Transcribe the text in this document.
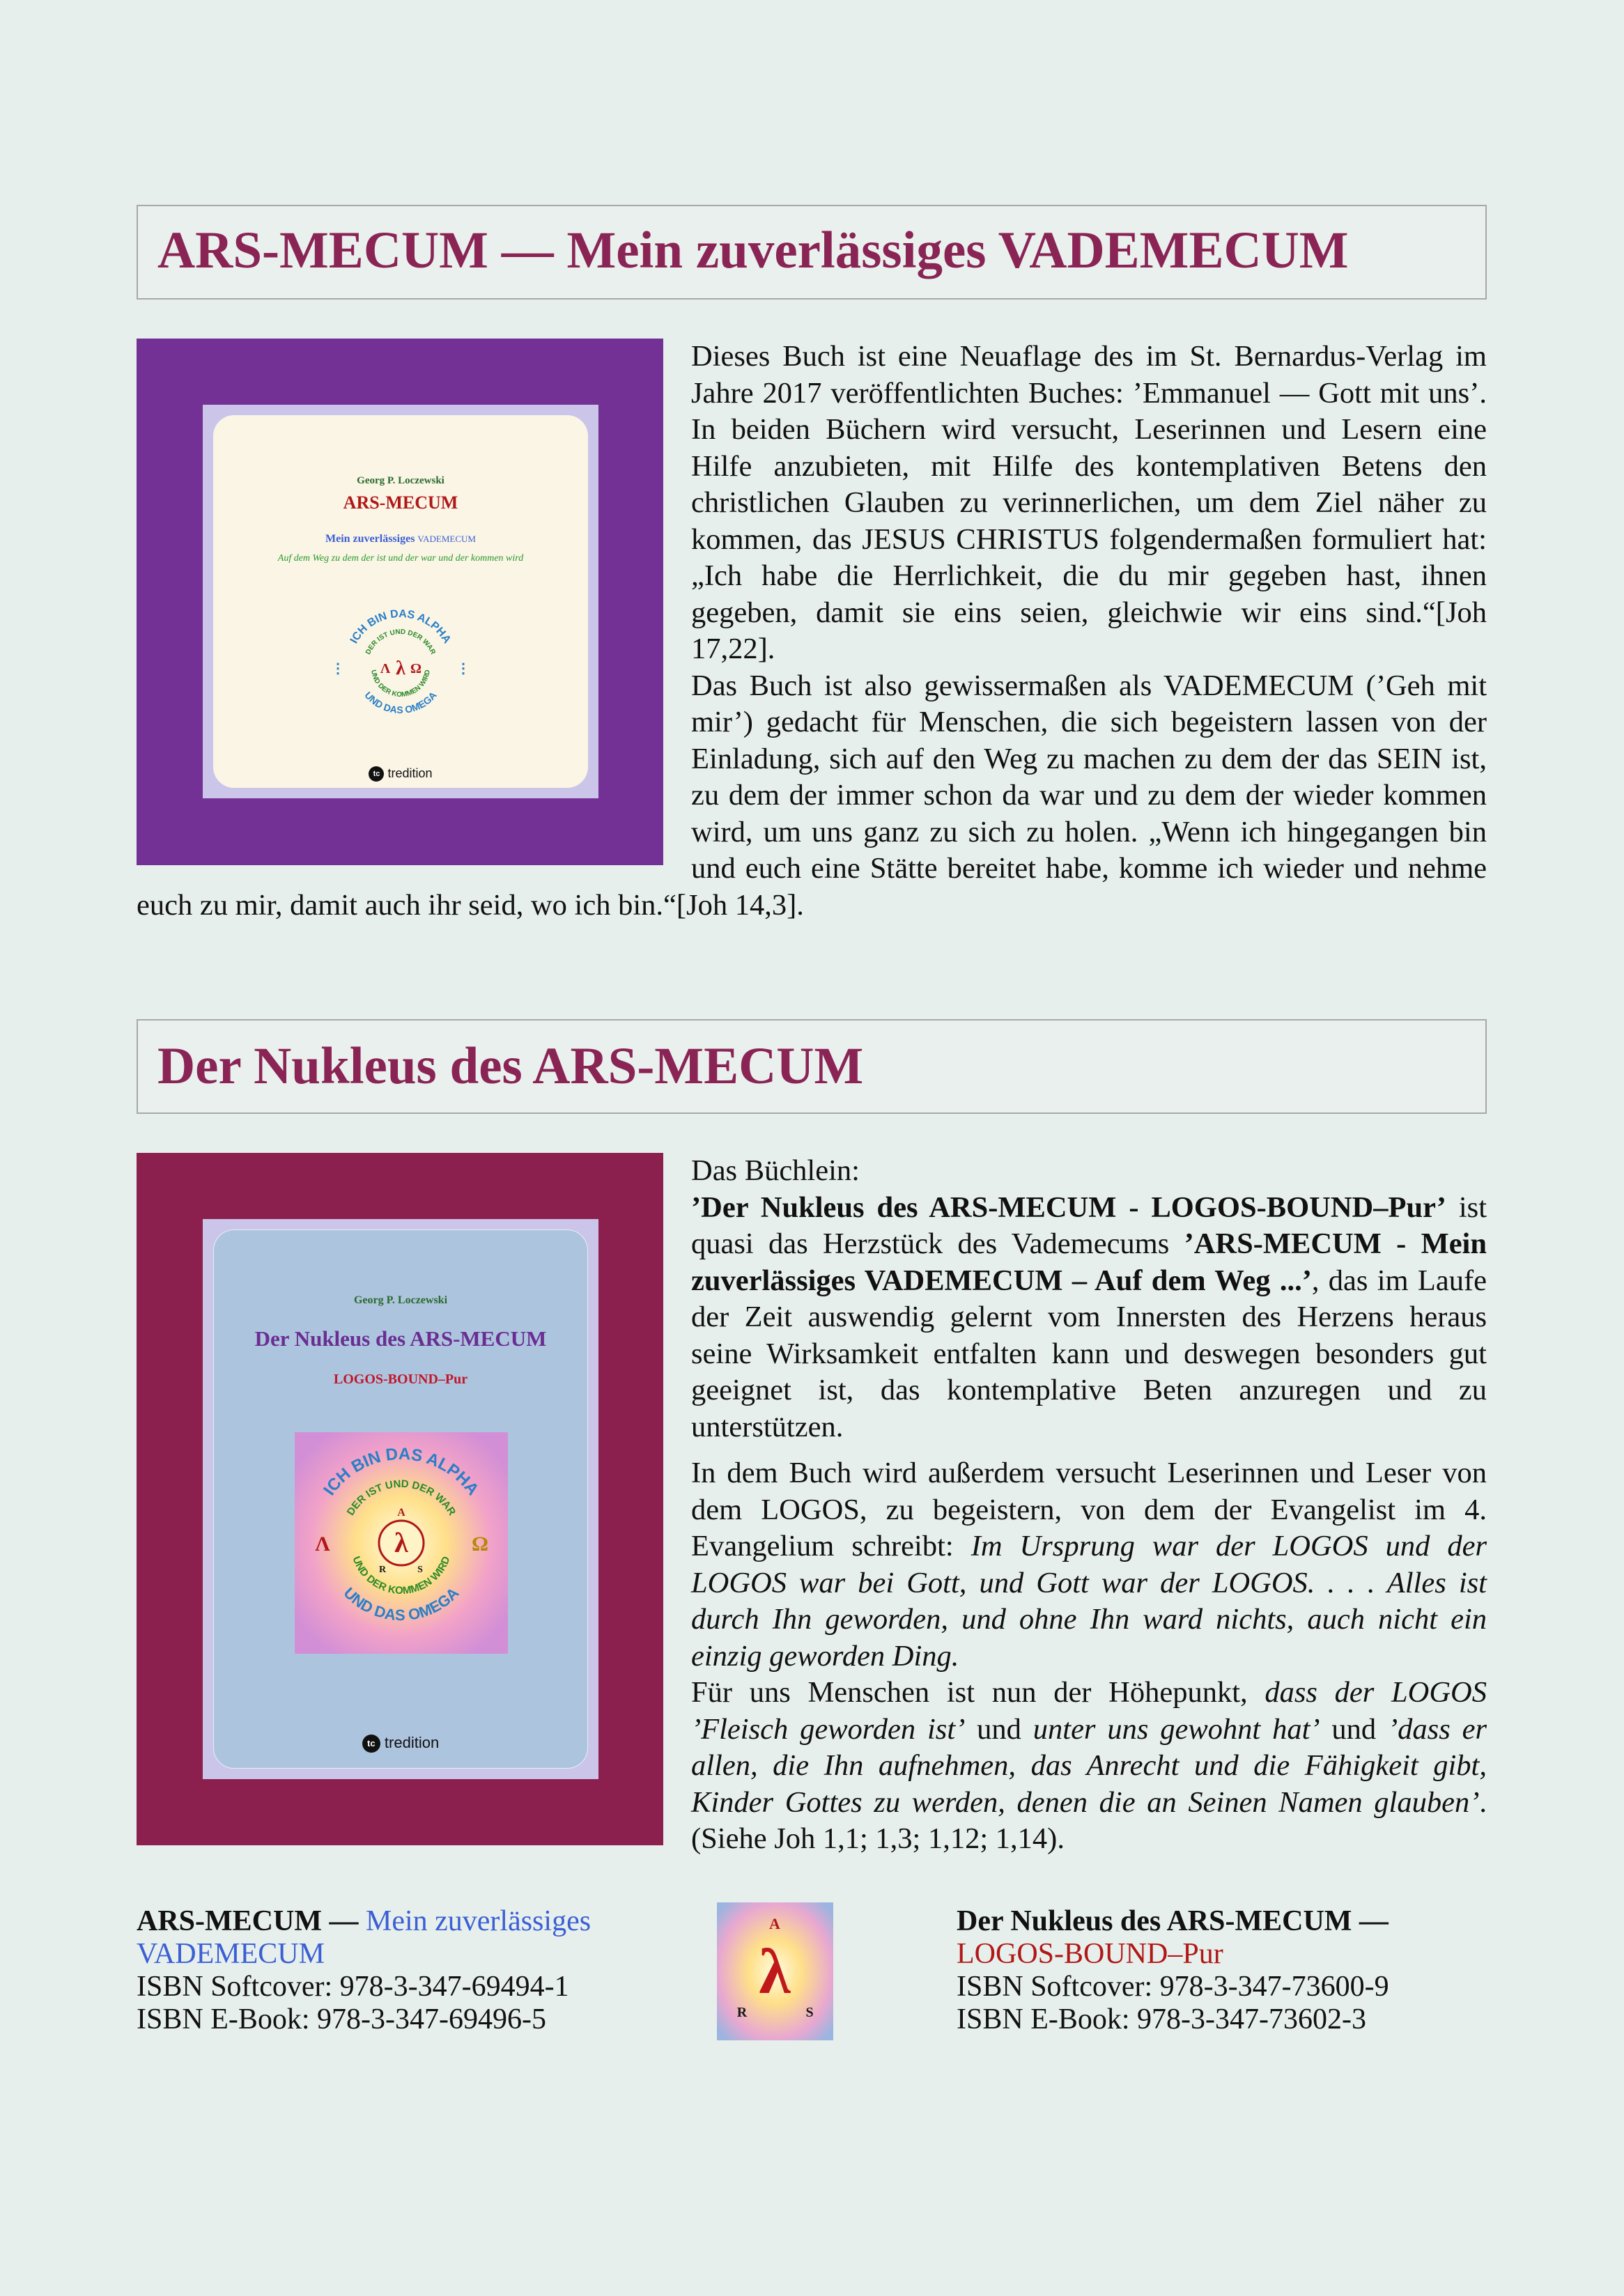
ARS-MECUM — Mein zuverlässiges VADEMECUM
Georg P. Loczewski
ARS-MECUM
Mein zuverlässiges VADEMECUM
Auf dem Weg zu dem der ist und der war und der kommen wird
ICH BIN DAS ALPHA
UND DAS OMEGA
DER IST UND DER WAR
UND DER KOMMEN WIRD
Λ λ Ω
⋮	⋮
tc tredition

Dieses Buch ist eine Neuaflage des im St. Bernardus-Verlag im Jahre 2017 veröffentlichten Buches: ’Emmanuel — Gott mit uns’. In beiden Büchern wird versucht, Leserinnen und Lesern eine Hilfe anzubieten, mit Hilfe des kontemplativen Betens den christlichen Glauben zu verinnerlichen, um dem Ziel näher zu kommen, das JESUS CHRISTUS folgendermaßen formuliert hat: „Ich habe die Herrlichkeit, die du mir gegeben hast, ihnen gegeben, damit sie eins seien, gleichwie wir eins sind.“[Joh 17,22].

Das Buch ist also gewissermaßen als VADEMECUM (’Geh mit mir’) gedacht für Menschen, die sich begeistern lassen von der Einladung, sich auf den Weg zu machen zu dem der das SEIN ist, zu dem der immer schon da war und zu dem der wieder kommen wird, um uns ganz zu sich zu holen. „Wenn ich hingegangen bin und euch eine Stätte bereitet habe, komme ich wieder und nehme euch zu mir, damit auch ihr seid, wo ich bin.“[Joh 14,3].

Der Nukleus des ARS-MECUM
Georg P. Loczewski
Der Nukleus des ARS-MECUM
LOGOS-BOUND–Pur
ICH BIN DAS ALPHA
UND DAS OMEGA
DER IST UND DER WAR
UND DER KOMMEN WIRD
λ
A
R	S
Λ	Ω
tc tredition

Das Büchlein:

’Der Nukleus des ARS-MECUM - LOGOS-BOUND–Pur’ ist quasi das Herzstück des Vademecums ’ARS-MECUM - Mein zuverlässiges VADEMECUM – Auf dem Weg ...’, das im Laufe der Zeit auswendig gelernt vom Innersten des Herzens heraus seine Wirksamkeit entfalten kann und deswegen besonders gut geeignet ist, das kontemplative Beten anzuregen und zu unterstützen.

In dem Buch wird außerdem versucht Leserinnen und Leser von dem LOGOS, zu begeistern, von dem der Evangelist im 4. Evangelium schreibt: Im Ursprung war der LOGOS und der LOGOS war bei Gott, und Gott war der LOGOS. . . . Alles ist durch Ihn geworden, und ohne Ihn ward nichts, auch nicht ein einzig geworden Ding.

Für uns Menschen ist nun der Höhepunkt, dass der LOGOS ’Fleisch geworden ist’ und unter uns gewohnt hat’ und ’dass er allen, die Ihn aufnehmen, das Anrecht und die Fähigkeit gibt, Kinder Gottes zu werden, denen die an Seinen Namen glauben’. (Siehe Joh 1,1; 1,3; 1,12; 1,14).

ARS-MECUM — Mein zuverlässiges
VADEMECUM
ISBN Softcover: 978-3-347-69494-1
ISBN E-Book: 978-3-347-69496-5
A
λ
R	S
Der Nukleus des ARS-MECUM —
LOGOS-BOUND–Pur
ISBN Softcover: 978-3-347-73600-9
ISBN E-Book: 978-3-347-73602-3
